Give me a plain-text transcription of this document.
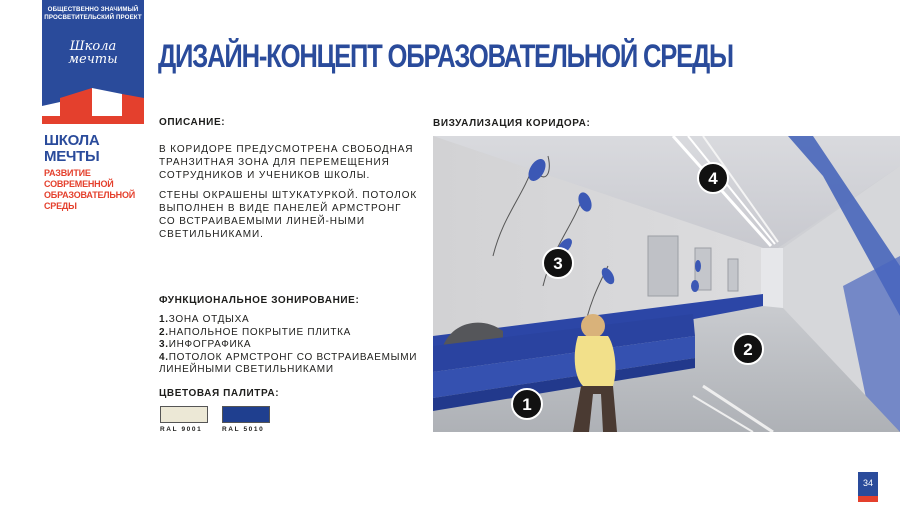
ОБЩЕСТВЕННО ЗНАЧИМЫЙ
ПРОСВЕТИТЕЛЬСКИЙ ПРОЕКТ
Школа
мечты
ШКОЛА МЕЧТЫ
РАЗВИТИЕ СОВРЕМЕННОЙ
ОБРАЗОВАТЕЛЬНОЙ СРЕДЫ
ДИЗАЙН-КОНЦЕПТ ОБРАЗОВАТЕЛЬНОЙ СРЕДЫ
ОПИСАНИЕ:
В КОРИДОРЕ ПРЕДУСМОТРЕНА СВОБОДНАЯ ТРАНЗИТНАЯ ЗОНА ДЛЯ ПЕРЕМЕЩЕНИЯ СОТРУДНИКОВ И УЧЕНИКОВ ШКОЛЫ.
СТЕНЫ ОКРАШЕНЫ ШТУКАТУРКОЙ. ПОТОЛОК ВЫПОЛНЕН В ВИДЕ ПАНЕЛЕЙ АРМСТРОНГ СО ВСТРАИВАЕМЫМИ ЛИНЕЙ-НЫМИ СВЕТИЛЬНИКАМИ.
ФУНКЦИОНАЛЬНОЕ ЗОНИРОВАНИЕ:
1.ЗОНА ОТДЫХА
2.НАПОЛЬНОЕ ПОКРЫТИЕ ПЛИТКА
3.ИНФОГРАФИКА
4.ПОТОЛОК АРМСТРОНГ СО ВСТРАИВАЕМЫМИ ЛИНЕЙНЫМИ СВЕТИЛЬНИКАМИ
ЦВЕТОВАЯ ПАЛИТРА:
RAL 9001	RAL 5010
ВИЗУАЛИЗАЦИЯ КОРИДОРА:
1
2
3
4
34
